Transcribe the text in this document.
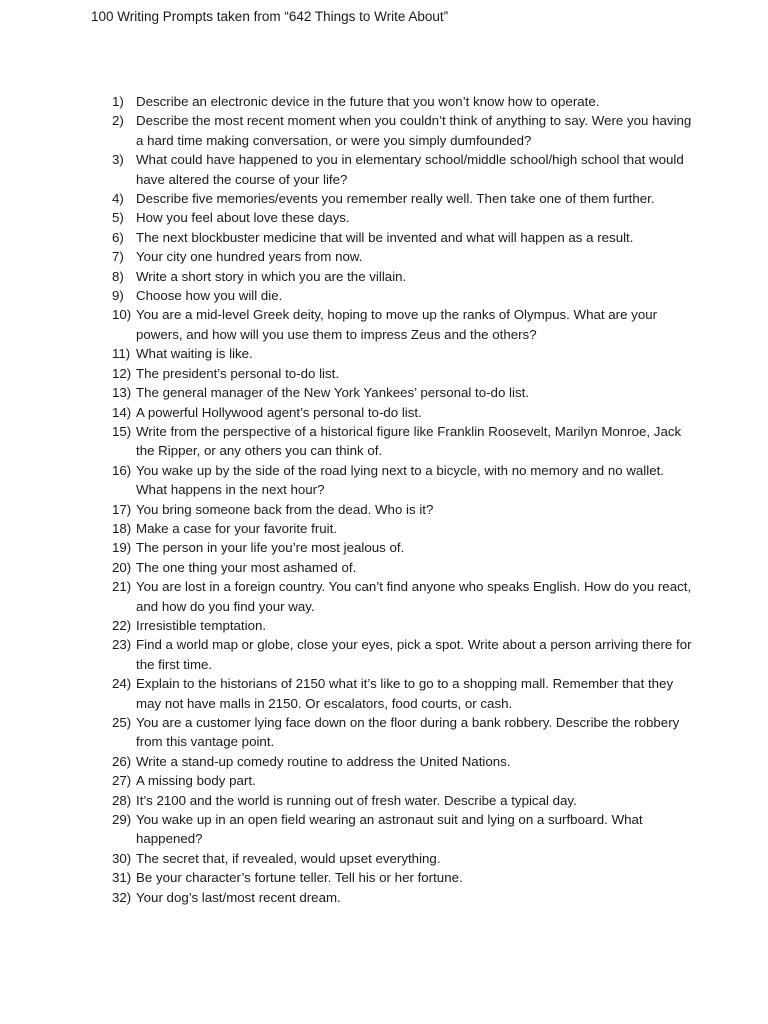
100 Writing Prompts taken from “642 Things to Write About”
1) Describe an electronic device in the future that you won’t know how to operate.
2) Describe the most recent moment when you couldn’t think of anything to say. Were you having a hard time making conversation, or were you simply dumfounded?
3) What could have happened to you in elementary school/middle school/high school that would have altered the course of your life?
4) Describe five memories/events you remember really well. Then take one of them further.
5) How you feel about love these days.
6) The next blockbuster medicine that will be invented and what will happen as a result.
7) Your city one hundred years from now.
8) Write a short story in which you are the villain.
9) Choose how you will die.
10) You are a mid-level Greek deity, hoping to move up the ranks of Olympus. What are your powers, and how will you use them to impress Zeus and the others?
11) What waiting is like.
12) The president’s personal to-do list.
13) The general manager of the New York Yankees’ personal to-do list.
14) A powerful Hollywood agent’s personal to-do list.
15) Write from the perspective of a historical figure like Franklin Roosevelt, Marilyn Monroe, Jack the Ripper, or any others you can think of.
16) You wake up by the side of the road lying next to a bicycle, with no memory and no wallet. What happens in the next hour?
17) You bring someone back from the dead. Who is it?
18) Make a case for your favorite fruit.
19) The person in your life you’re most jealous of.
20) The one thing your most ashamed of.
21) You are lost in a foreign country. You can’t find anyone who speaks English. How do you react, and how do you find your way.
22) Irresistible temptation.
23) Find a world map or globe, close your eyes, pick a spot. Write about a person arriving there for the first time.
24) Explain to the historians of 2150 what it’s like to go to a shopping mall. Remember that they may not have malls in 2150. Or escalators, food courts, or cash.
25) You are a customer lying face down on the floor during a bank robbery. Describe the robbery from this vantage point.
26) Write a stand-up comedy routine to address the United Nations.
27) A missing body part.
28) It’s 2100 and the world is running out of fresh water. Describe a typical day.
29) You wake up in an open field wearing an astronaut suit and lying on a surfboard. What happened?
30) The secret that, if revealed, would upset everything.
31) Be your character’s fortune teller. Tell his or her fortune.
32) Your dog’s last/most recent dream.
